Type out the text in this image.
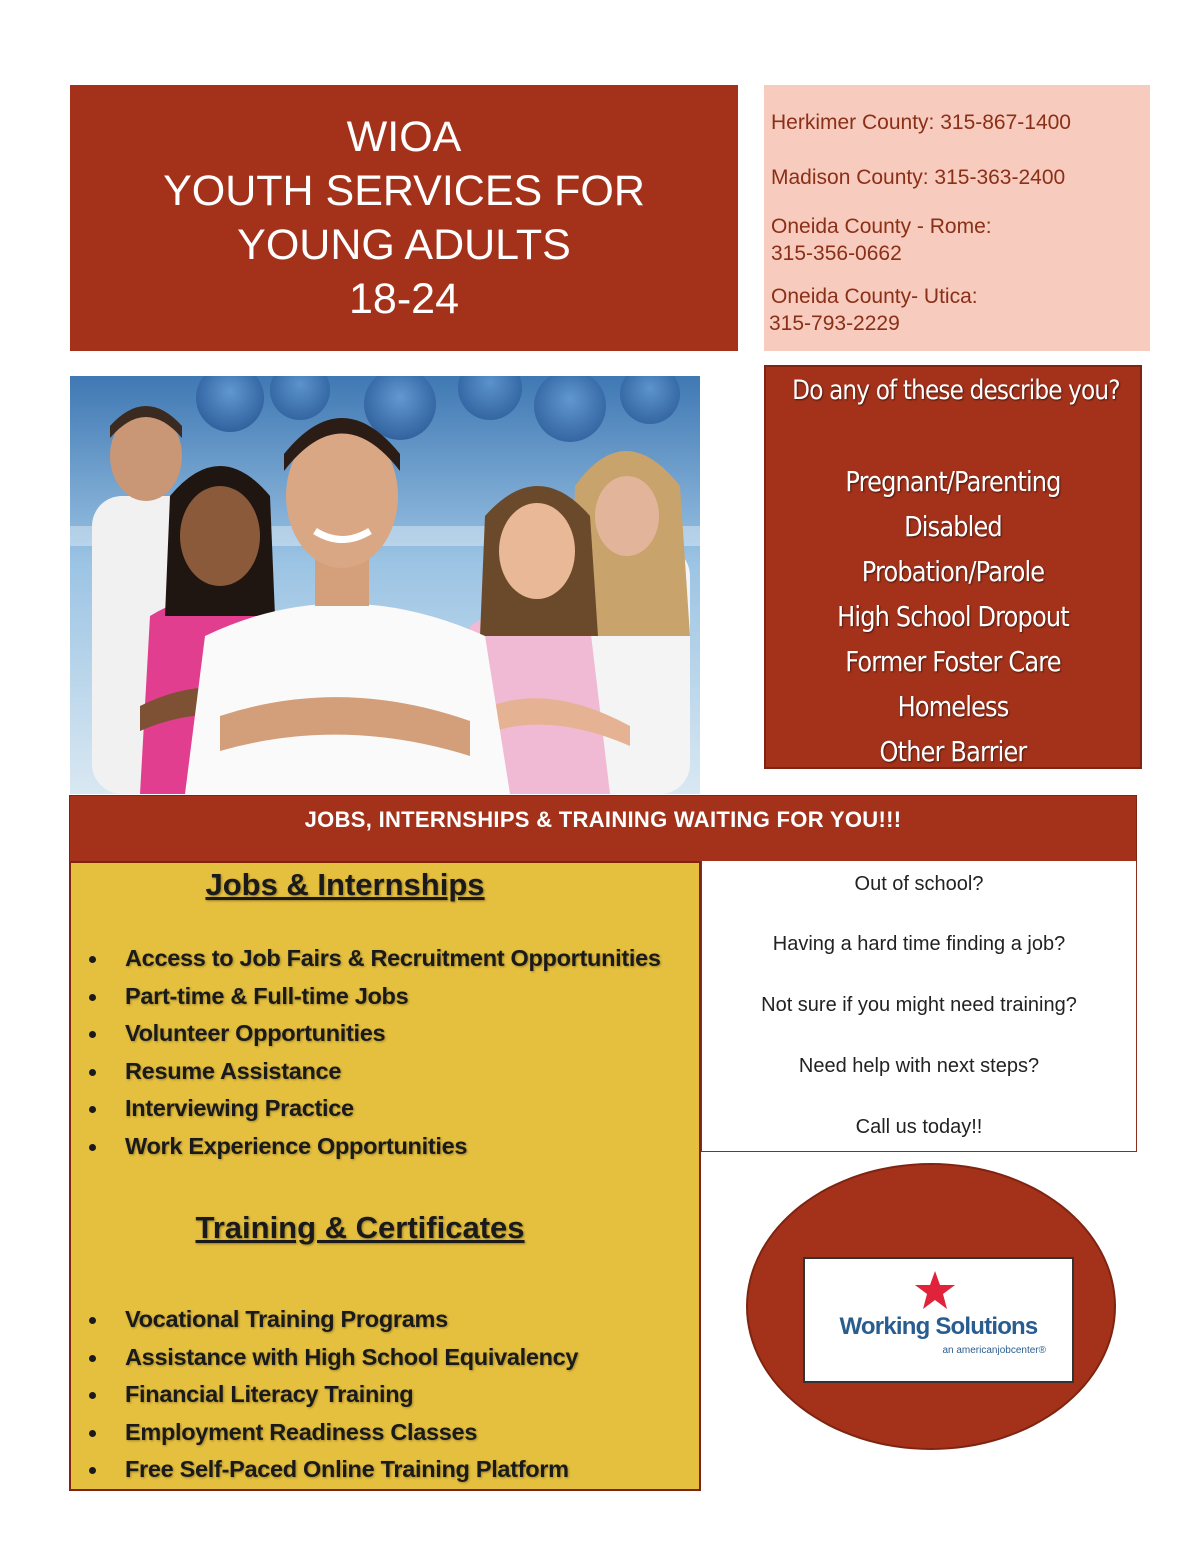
WIOA
YOUTH SERVICES FOR
YOUNG ADULTS
18-24
Herkimer County: 315-867-1400
Madison County: 315-363-2400
Oneida County - Rome:
315-356-0662
Oneida County- Utica:
315-793-2229
Do any of these describe you?
Pregnant/Parenting
Disabled
Probation/Parole
High School Dropout
Former Foster Care
Homeless
Other Barrier
JOBS, INTERNSHIPS & TRAINING WAITING FOR YOU!!!
Jobs & Internships
Access to Job Fairs & Recruitment Opportunities
Part-time & Full-time Jobs
Volunteer Opportunities
Resume Assistance
Interviewing Practice
Work Experience Opportunities
Training & Certificates
Vocational Training Programs
Assistance with High School Equivalency
Financial Literacy Training
Employment Readiness Classes
Free Self-Paced Online Training Platform
Out of school?
Having a hard time finding a job?
Not sure if you might need training?
Need help with next steps?
Call us today!!
Working Solutions
an americanjobcenter®
